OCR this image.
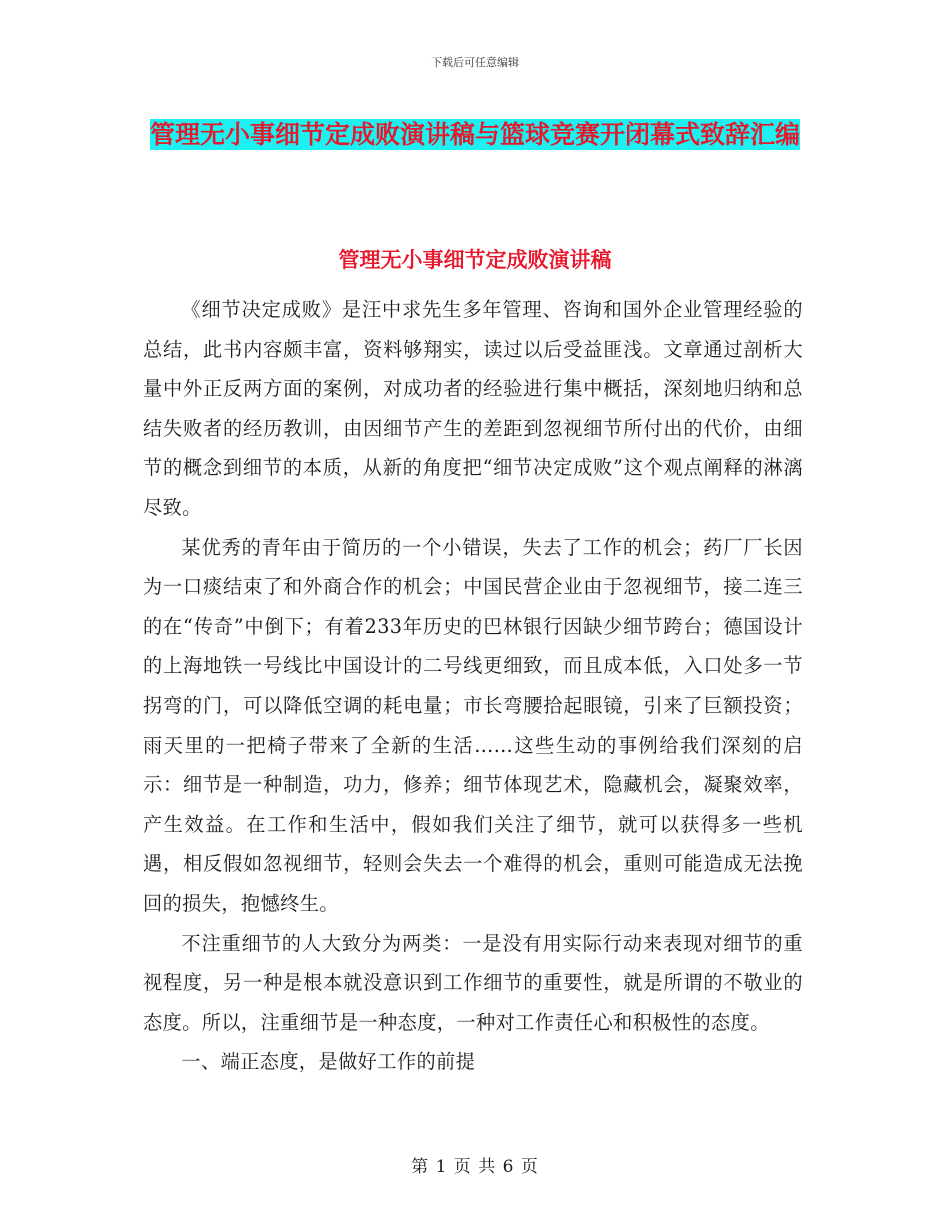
下载后可任意编辑
管理无小事细节定成败演讲稿与篮球竞赛开闭幕式致辞汇编
管理无小事细节定成败演讲稿

《细节决定成败》是汪中求先生多年管理、咨询和国外企业管理经验的总结，此书内容颇丰富，资料够翔实，读过以后受益匪浅。文章通过剖析大量中外正反两方面的案例，对成功者的经验进行集中概括，深刻地归纳和总结失败者的经历教训，由因细节产生的差距到忽视细节所付出的代价，由细节的概念到细节的本质，从新的角度把“细节决定成败”这个观点阐释的淋漓尽致。

某优秀的青年由于简历的一个小错误，失去了工作的机会；药厂厂长因为一口痰结束了和外商合作的机会；中国民营企业由于忽视细节，接二连三的在“传奇”中倒下；有着233年历史的巴林银行因缺少细节跨台；德国设计的上海地铁一号线比中国设计的二号线更细致，而且成本低，入口处多一节拐弯的门，可以降低空调的耗电量；市长弯腰拾起眼镜，引来了巨额投资；雨天里的一把椅子带来了全新的生活……这些生动的事例给我们深刻的启示：细节是一种制造，功力，修养；细节体现艺术，隐藏机会，凝聚效率，产生效益。在工作和生活中，假如我们关注了细节，就可以获得多一些机遇，相反假如忽视细节，轻则会失去一个难得的机会，重则可能造成无法挽回的损失，抱憾终生。

不注重细节的人大致分为两类：一是没有用实际行动来表现对细节的重视程度，另一种是根本就没意识到工作细节的重要性，就是所谓的不敬业的态度。所以，注重细节是一种态度，一种对工作责任心和积极性的态度。

一、端正态度，是做好工作的前提

第 1 页 共 6 页
